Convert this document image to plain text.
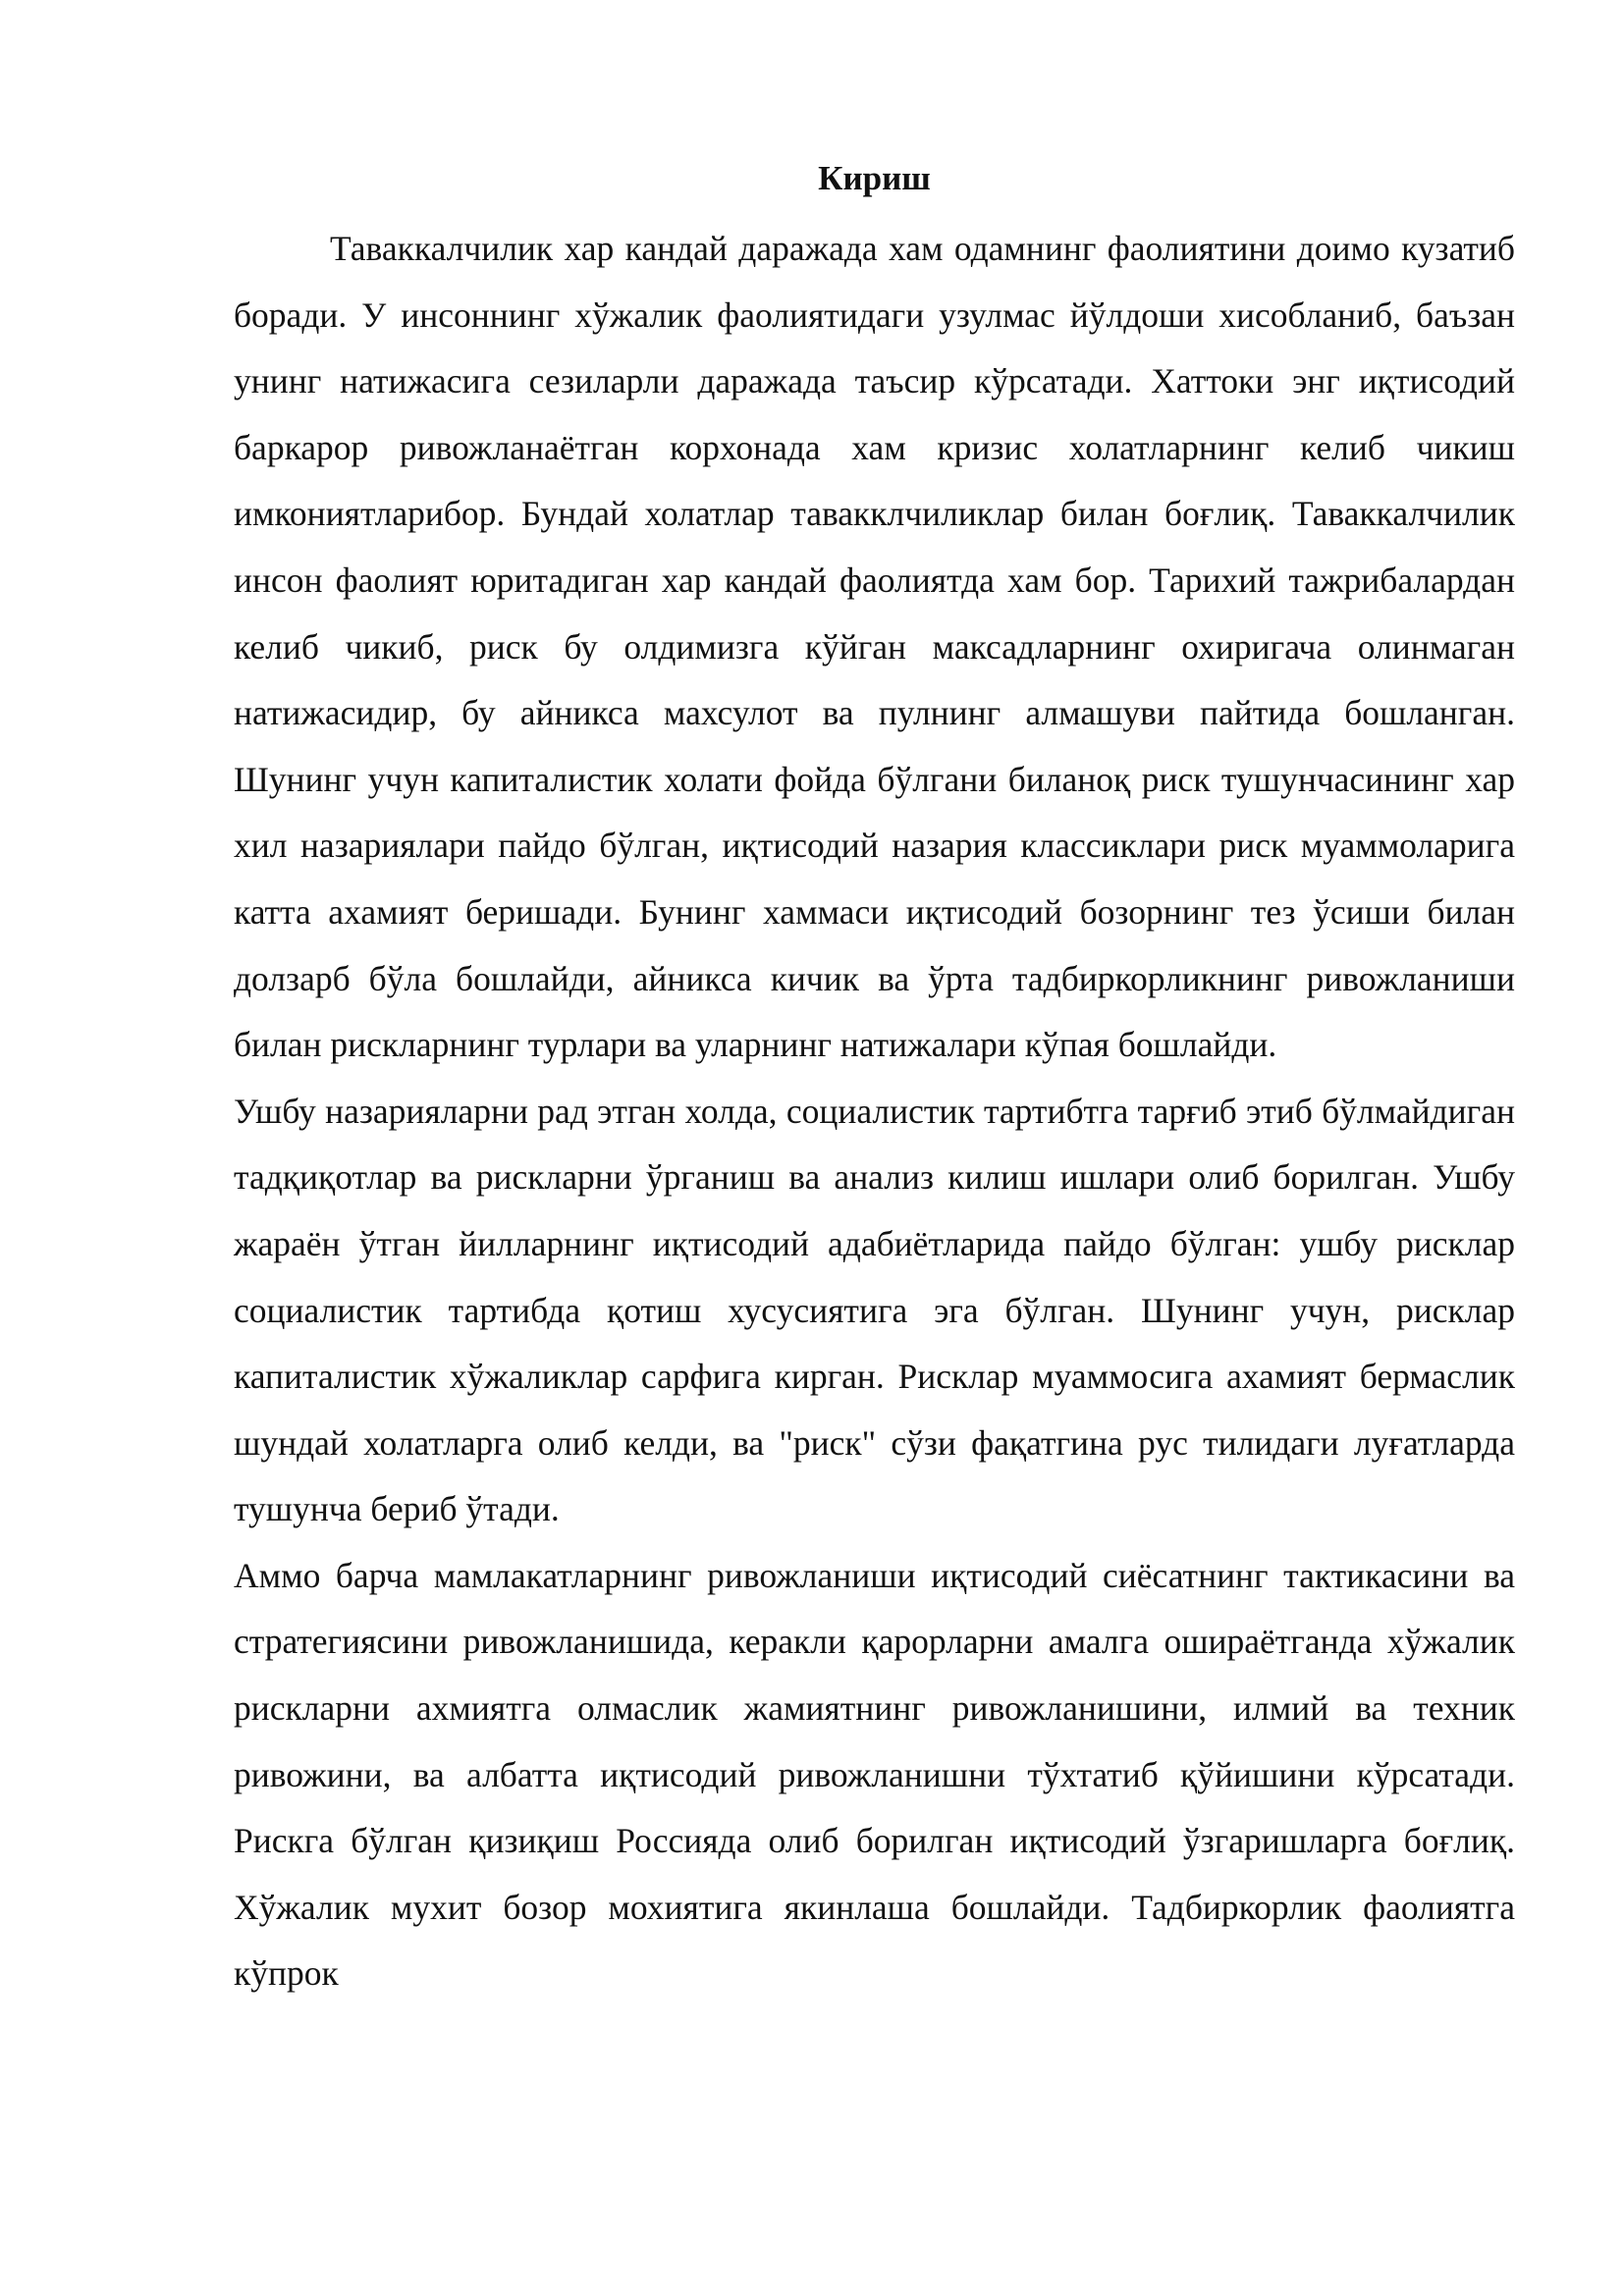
Кириш

Таваккалчилик хар кандай даражада хам одамнинг фаолиятини доимо кузатиб боради. У инсоннинг хўжалик фаолиятидаги узулмас йўлдоши хисобланиб, баъзан унинг натижасига сезиларли даражада таъсир кўрсатади. Хаттоки энг иқтисодий баркарор ривожланаётган корхонада хам кризис холатларнинг келиб чикиш имкониятларибор. Бундай холатлар тавакклчиликлар билан боғлиқ. Таваккалчилик инсон фаолият юритадиган хар кандай фаолиятда хам бор. Тарихий тажрибалардан келиб чикиб, риск бу олдимизга кўйган максадларнинг охиригача олинмаган натижасидир, бу айникса махсулот ва пулнинг алмашуви пайтида бошланган. Шунинг учун капиталистик холати фойда бўлгани биланоқ риск тушунчасининг хар хил назариялари пайдо бўлган, иқтисодий назария классиклари риск муаммоларига катта ахамият беришади. Бунинг хаммаси иқтисодий бозорнинг тез ўсиши билан долзарб бўла бошлайди, айникса кичик ва ўрта тадбиркорликнинг ривожланиши билан рискларнинг турлари ва уларнинг натижалари кўпая бошлайди.

Ушбу назарияларни рад этган холда, социалистик тартибтга тарғиб этиб бўлмайдиган тадқиқотлар ва рискларни ўрганиш ва анализ килиш ишлари олиб борилган. Ушбу жараён ўтган йилларнинг иқтисодий адабиётларида пайдо бўлган: ушбу рисклар социалистик тартибда қотиш хусусиятига эга бўлган. Шунинг учун, рисклар капиталистик хўжаликлар сарфига кирган. Рисклар муаммосига ахамият бермаслик шундай холатларга олиб келди, ва "риск" сўзи фақатгина рус тилидаги луғатларда тушунча бериб ўтади.

Аммо барча мамлакатларнинг ривожланиши иқтисодий сиёсатнинг тактикасини ва стратегиясини ривожланишида, керакли қарорларни амалга ошираётганда хўжалик рискларни ахмиятга олмаслик жамиятнинг ривожланишини, илмий ва техник ривожини, ва албатта иқтисодий ривожланишни тўхтатиб қўйишини кўрсатади. Рискга бўлган қизиқиш Россияда олиб борилган иқтисодий ўзгаришларга боғлиқ. Хўжалик мухит бозор мохиятига якинлаша бошлайди. Тадбиркорлик фаолиятга кўпрок
